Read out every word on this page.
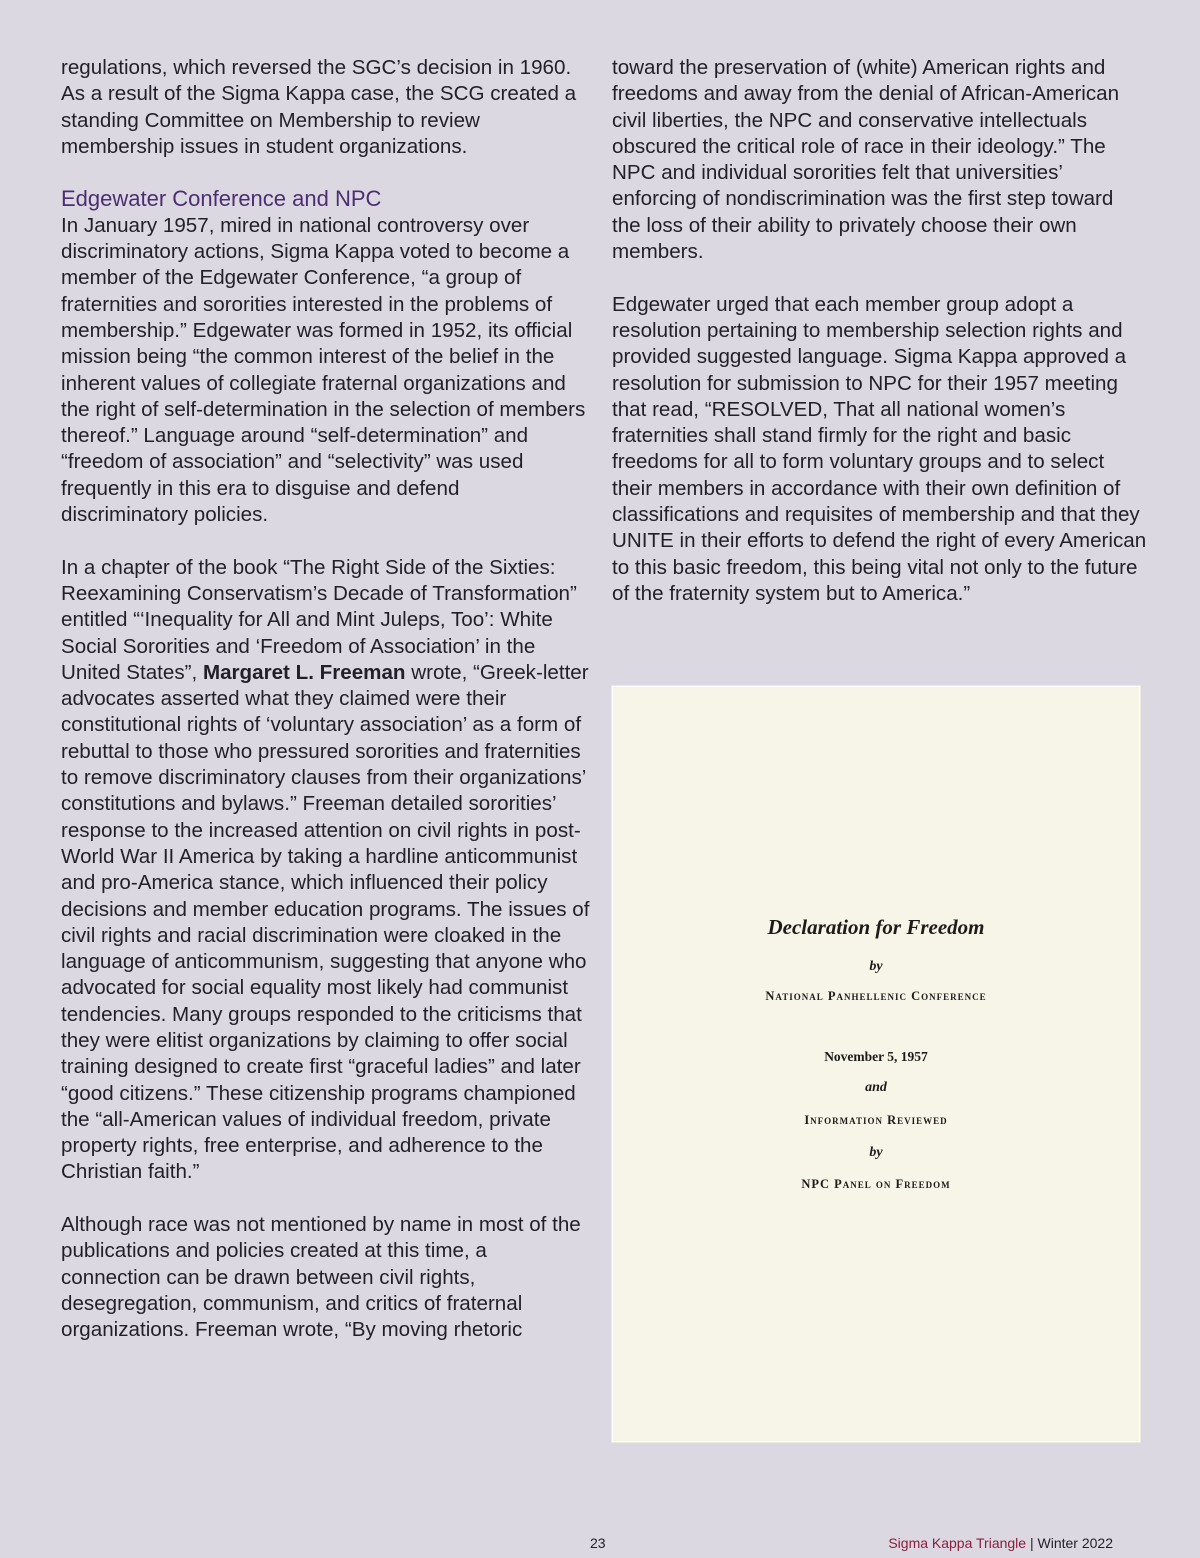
regulations, which reversed the SGC’s decision in 1960. As a result of the Sigma Kappa case, the SCG created a standing Committee on Membership to review membership issues in student organizations.

Edgewater Conference and NPC

In January 1957, mired in national controversy over discriminatory actions, Sigma Kappa voted to become a member of the Edgewater Conference, “a group of fraternities and sororities interested in the problems of membership.” Edgewater was formed in 1952, its official mission being “the common interest of the belief in the inherent values of collegiate fraternal organizations and the right of self-determination in the selection of members thereof.” Language around “self-determination” and “freedom of association” and “selectivity” was used frequently in this era to disguise and defend discriminatory policies.

In a chapter of the book “The Right Side of the Sixties: Reexamining Conservatism’s Decade of Transformation” entitled “‘Inequality for All and Mint Juleps, Too’: White Social Sororities and ‘Freedom of Association’ in the United States”, Margaret L. Freeman wrote, “Greek-letter advocates asserted what they claimed were their constitutional rights of ‘voluntary association’ as a form of rebuttal to those who pressured sororities and fraternities to remove discriminatory clauses from their organizations’ constitutions and bylaws.” Freeman detailed sororities’ response to the increased attention on civil rights in post-World War II America by taking a hardline anticommunist and pro-America stance, which influenced their policy decisions and member education programs. The issues of civil rights and racial discrimination were cloaked in the language of anticommunism, suggesting that anyone who advocated for social equality most likely had communist tendencies. Many groups responded to the criticisms that they were elitist organizations by claiming to offer social training designed to create first “graceful ladies” and later “good citizens.” These citizenship programs championed the “all-American values of individual freedom, private property rights, free enterprise, and adherence to the Christian faith.”

Although race was not mentioned by name in most of the publications and policies created at this time, a connection can be drawn between civil rights, desegregation, communism, and critics of fraternal organizations. Freeman wrote, “By moving rhetoric

toward the preservation of (white) American rights and freedoms and away from the denial of African-American civil liberties, the NPC and conservative intellectuals obscured the critical role of race in their ideology.” The NPC and individual sororities felt that universities’ enforcing of nondiscrimination was the first step toward the loss of their ability to privately choose their own members.

Edgewater urged that each member group adopt a resolution pertaining to membership selection rights and provided suggested language. Sigma Kappa approved a resolution for submission to NPC for their 1957 meeting that read, “RESOLVED, That all national women’s fraternities shall stand firmly for the right and basic freedoms for all to form voluntary groups and to select their members in accordance with their own definition of classifications and requisites of membership and that they UNITE in their efforts to defend the right of every American to this basic freedom, this being vital not only to the future of the fraternity system but to America.”

Declaration for Freedom
by
National Panhellenic Conference
November 5, 1957
and
Information Reviewed
by
NPC Panel on Freedom
23	Sigma Kappa Triangle | Winter 2022
